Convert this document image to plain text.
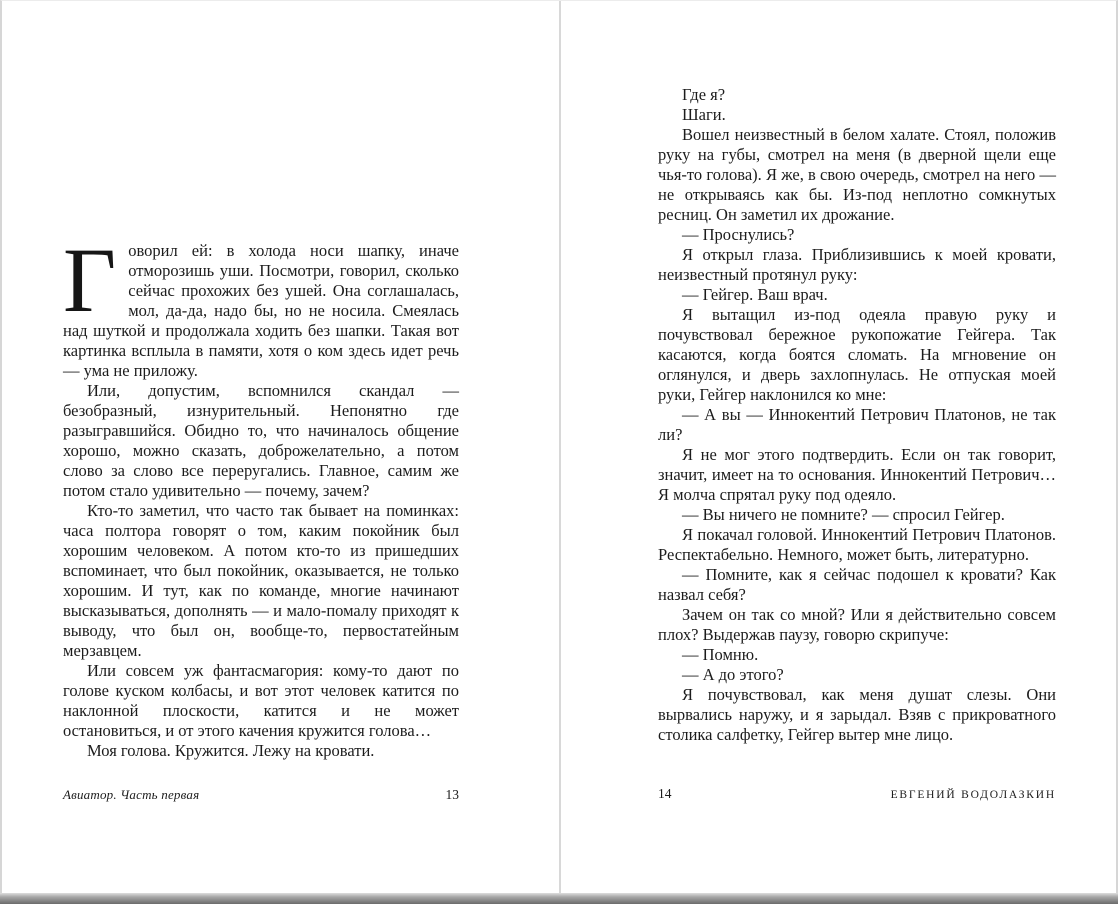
Говорил ей: в холода носи шапку, иначе отморозишь уши. Посмотри, говорил, сколько сейчас прохожих без ушей. Она соглашалась, мол, да-да, надо бы, но не носила. Смеялась над шуткой и продолжала ходить без шапки. Такая вот картинка всплыла в памяти, хотя о ком здесь идет речь — ума не приложу.

Или, допустим, вспомнился скандал — безобразный, изнурительный. Непонятно где разыгравшийся. Обидно то, что начиналось общение хорошо, можно сказать, доброжелательно, а потом слово за слово все переругались. Главное, самим же потом стало удивительно — почему, зачем?

Кто-то заметил, что часто так бывает на поминках: часа полтора говорят о том, каким покойник был хорошим человеком. А потом кто-то из пришедших вспоминает, что был покойник, оказывается, не только хорошим. И тут, как по команде, многие начинают высказываться, дополнять — и мало-помалу приходят к выводу, что был он, вообще-то, первостатейным мерзавцем.

Или совсем уж фантасмагория: кому-то дают по голове куском колбасы, и вот этот человек катится по наклонной плоскости, катится и не может остановиться, и от этого качения кружится голова…

Моя голова. Кружится. Лежу на кровати.

Авиатор. Часть первая	13

Где я?

Шаги.

Вошел неизвестный в белом халате. Стоял, положив руку на губы, смотрел на меня (в дверной щели еще чья-то голова). Я же, в свою очередь, смотрел на него — не открываясь как бы. Из-под неплотно сомкнутых ресниц. Он заметил их дрожание.

— Проснулись?

Я открыл глаза. Приблизившись к моей кровати, неизвестный протянул руку:

— Гейгер. Ваш врач.

Я вытащил из-под одеяла правую руку и почувствовал бережное рукопожатие Гейгера. Так касаются, когда боятся сломать. На мгновение он оглянулся, и дверь захлопнулась. Не отпуская моей руки, Гейгер наклонился ко мне:

— А вы — Иннокентий Петрович Платонов, не так ли?

Я не мог этого подтвердить. Если он так говорит, значит, имеет на то основания. Иннокентий Петрович… Я молча спрятал руку под одеяло.

— Вы ничего не помните? — спросил Гейгер.

Я покачал головой. Иннокентий Петрович Платонов. Респектабельно. Немного, может быть, литературно.

— Помните, как я сейчас подошел к кровати? Как назвал себя?

Зачем он так со мной? Или я действительно совсем плох? Выдержав паузу, говорю скрипуче:

— Помню.

— А до этого?

Я почувствовал, как меня душат слезы. Они вырвались наружу, и я зарыдал. Взяв с прикроватного столика салфетку, Гейгер вытер мне лицо.

14	ЕВГЕНИЙ ВОДОЛАЗКИН
